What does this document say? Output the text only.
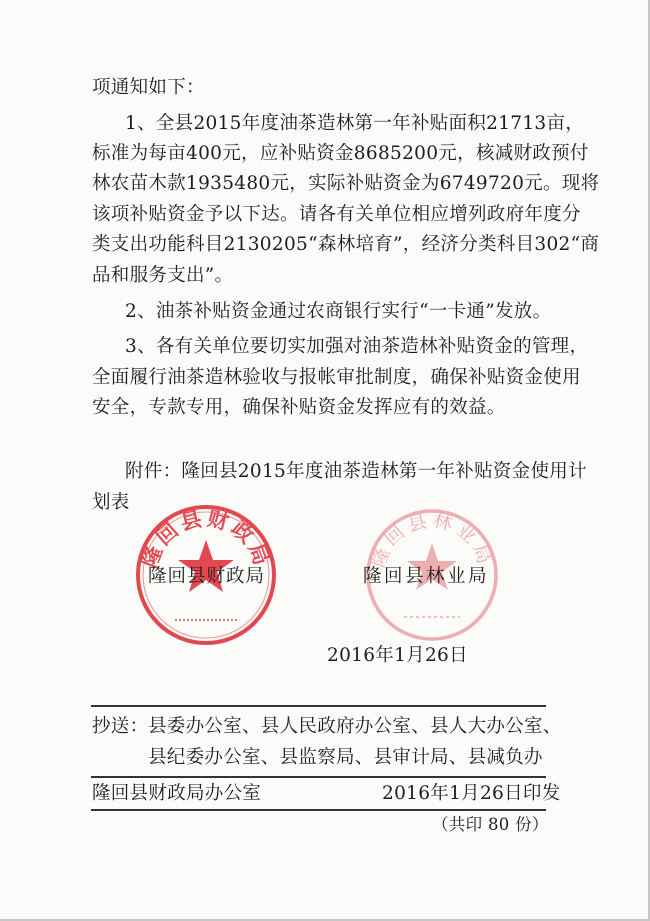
项通知如下：
1、全县2015年度油茶造林第一年补贴面积21713亩，
标准为每亩400元，应补贴资金8685200元，核减财政预付
林农苗木款1935480元，实际补贴资金为6749720元。现将
该项补贴资金予以下达。请各有关单位相应增列政府年度分
类支出功能科目2130205“森林培育”，经济分类科目302“商
品和服务支出”。
2、油茶补贴资金通过农商银行实行“一卡通”发放。
3、各有关单位要切实加强对油茶造林补贴资金的管理，
全面履行油茶造林验收与报帐审批制度，确保补贴资金使用
安全，专款专用，确保补贴资金发挥应有的效益。
附件：隆回县2015年度油茶造林第一年补贴资金使用计
划表
隆回县财政局	隆回县林业局
隆回县财政局	隆回县林业局
2016年1月26日
抄送： 县委办公室、县人民政府办公室、县人大办公室、
县纪委办公室、县监察局、县审计局、县减负办
隆回县财政局办公室	2016年1月26日印发
（共印 80 份）
